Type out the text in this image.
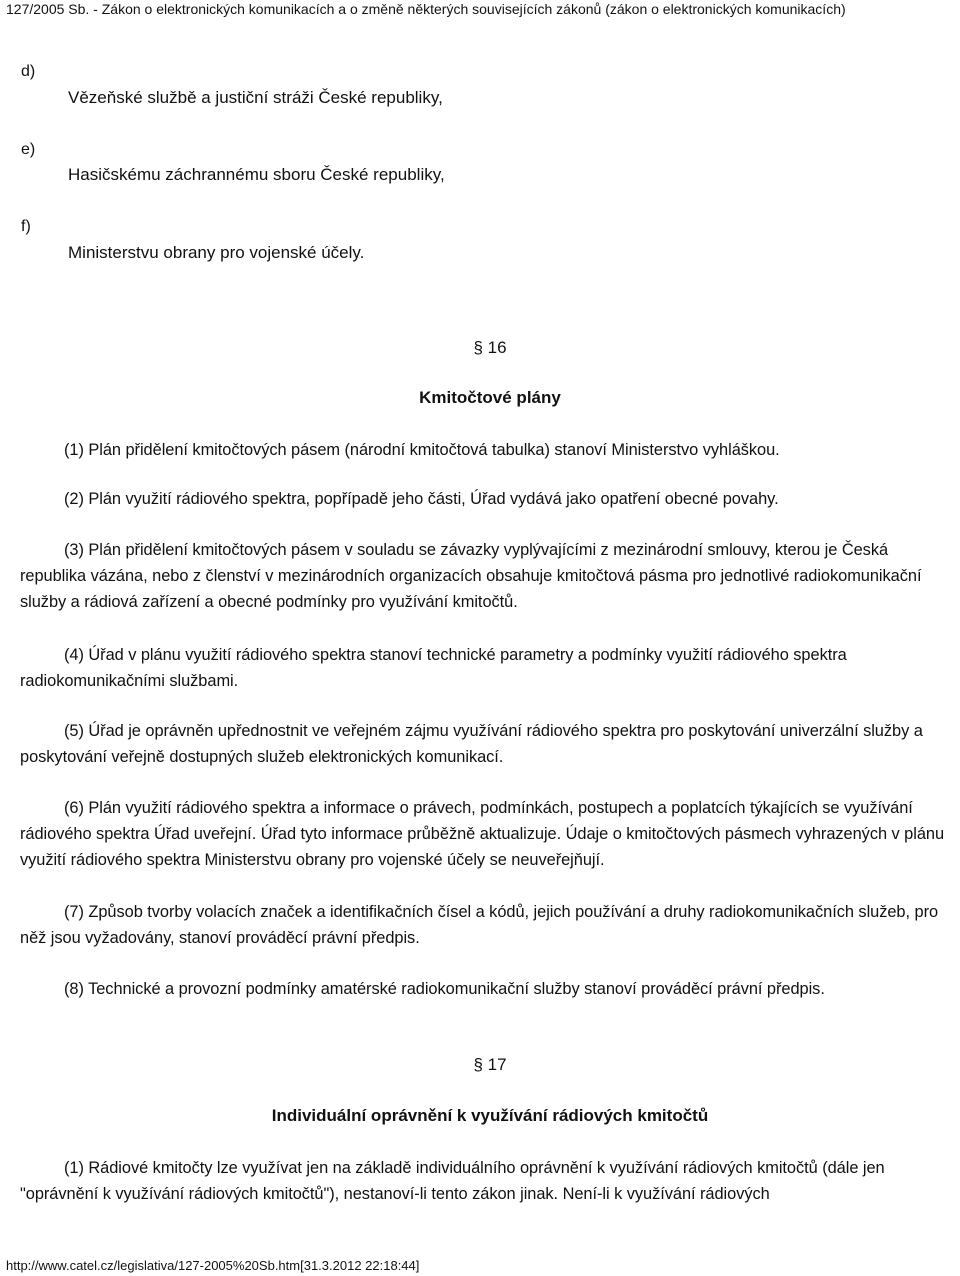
127/2005 Sb. - Zákon o elektronických komunikacích a o změně některých souvisejících zákonů (zákon o elektronických komunikacích)
d)
Vězeňské službě a justiční stráži České republiky,
e)
Hasičskému záchrannému sboru České republiky,
f)
Ministerstvu obrany pro vojenské účely.
§ 16
Kmitočtové plány

(1) Plán přidělení kmitočtových pásem (národní kmitočtová tabulka) stanoví Ministerstvo vyhláškou.

(2) Plán využití rádiového spektra, popřípadě jeho části, Úřad vydává jako opatření obecné povahy.

(3) Plán přidělení kmitočtových pásem v souladu se závazky vyplývajícími z mezinárodní smlouvy, kterou je Česká republika vázána, nebo z členství v mezinárodních organizacích obsahuje kmitočtová pásma pro jednotlivé radiokomunikační služby a rádiová zařízení a obecné podmínky pro využívání kmitočtů.

(4) Úřad v plánu využití rádiového spektra stanoví technické parametry a podmínky využití rádiového spektra radiokomunikačními službami.

(5) Úřad je oprávněn upřednostnit ve veřejném zájmu využívání rádiového spektra pro poskytování univerzální služby a poskytování veřejně dostupných služeb elektronických komunikací.

(6) Plán využití rádiového spektra a informace o právech, podmínkách, postupech a poplatcích týkajících se využívání rádiového spektra Úřad uveřejní. Úřad tyto informace průběžně aktualizuje. Údaje o kmitočtových pásmech vyhrazených v plánu využití rádiového spektra Ministerstvu obrany pro vojenské účely se neuveřejňují.

(7) Způsob tvorby volacích značek a identifikačních čísel a kódů, jejich používání a druhy radiokomunikačních služeb, pro něž jsou vyžadovány, stanoví prováděcí právní předpis.

(8) Technické a provozní podmínky amatérské radiokomunikační služby stanoví prováděcí právní předpis.

§ 17
Individuální oprávnění k využívání rádiových kmitočtů

(1) Rádiové kmitočty lze využívat jen na základě individuálního oprávnění k využívání rádiových kmitočtů (dále jen "oprávnění k využívání rádiových kmitočtů"), nestanoví-li tento zákon jinak. Není-li k využívání rádiových

http://www.catel.cz/legislativa/127-2005%20Sb.htm[31.3.2012 22:18:44]
